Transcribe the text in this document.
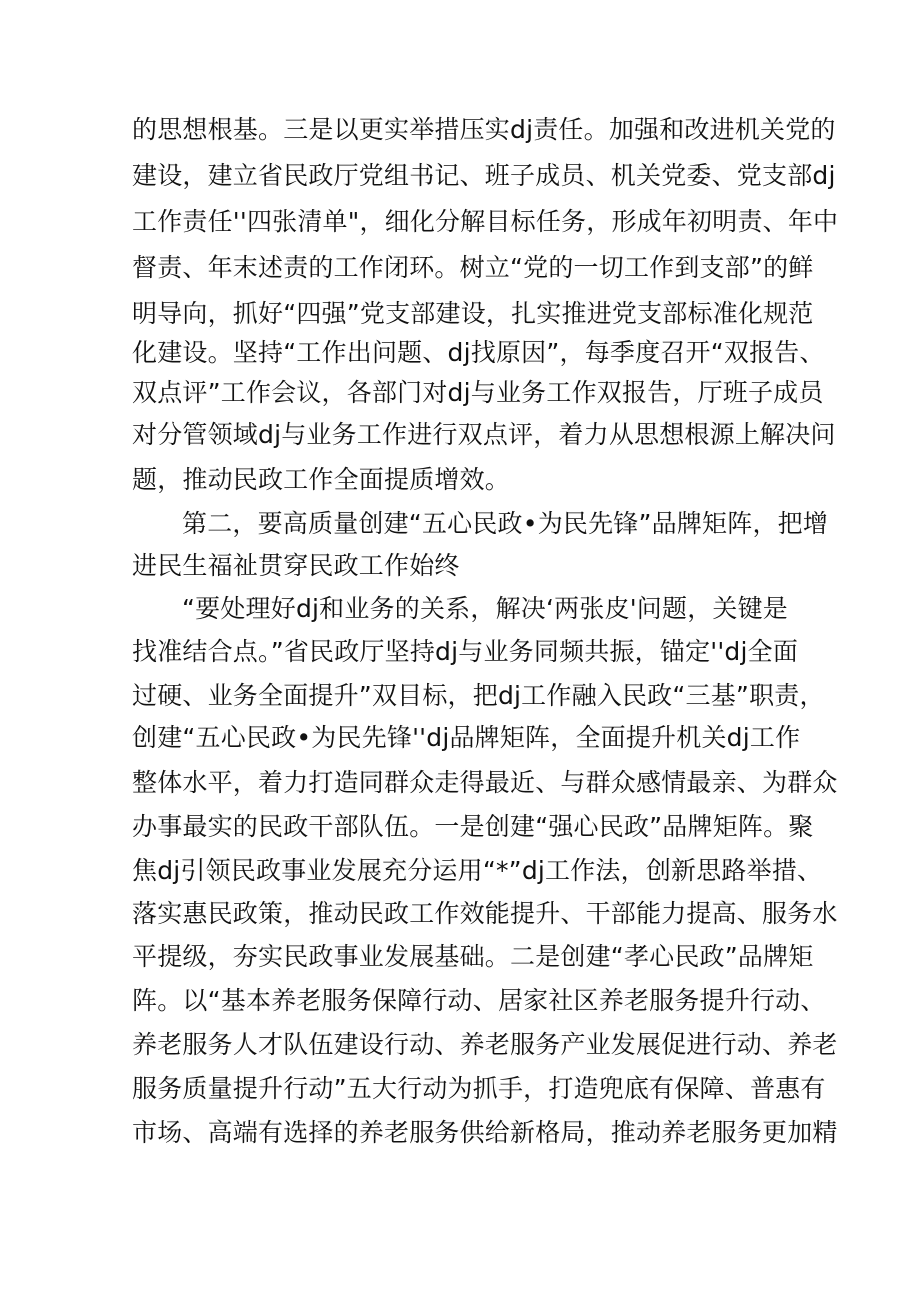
的思想根基。三是以更实举措压实dj责任。加强和改进机关党的
建设，建立省民政厅党组书记、班子成员、机关党委、党支部dj
工作责任''四张清单"，细化分解目标任务，形成年初明责、年中
督责、年末述责的工作闭环。树立“党的一切工作到支部”的鲜
明导向，抓好“四强”党支部建设，扎实推进党支部标准化规范
化建设。坚持“工作出问题、dj找原因”，每季度召开“双报告、
双点评”工作会议，各部门对dj与业务工作双报告，厅班子成员
对分管领域dj与业务工作进行双点评，着力从思想根源上解决问
题，推动民政工作全面提质增效。
第二，要高质量创建“五心民政•为民先锋”品牌矩阵，把增
进民生福祉贯穿民政工作始终
“要处理好dj和业务的关系，解决‘两张皮'问题，关键是
找准结合点。”省民政厅坚持dj与业务同频共振，锚定''dj全面
过硬、业务全面提升”双目标，把dj工作融入民政“三基”职责，
创建“五心民政•为民先锋''dj品牌矩阵，全面提升机关dj工作
整体水平，着力打造同群众走得最近、与群众感情最亲、为群众
办事最实的民政干部队伍。一是创建“强心民政”品牌矩阵。聚
焦dj引领民政事业发展充分运用“*”dj工作法，创新思路举措、
落实惠民政策，推动民政工作效能提升、干部能力提高、服务水
平提级，夯实民政事业发展基础。二是创建“孝心民政”品牌矩
阵。以“基本养老服务保障行动、居家社区养老服务提升行动、
养老服务人才队伍建设行动、养老服务产业发展促进行动、养老
服务质量提升行动”五大行动为抓手，打造兜底有保障、普惠有
市场、高端有选择的养老服务供给新格局，推动养老服务更加精
